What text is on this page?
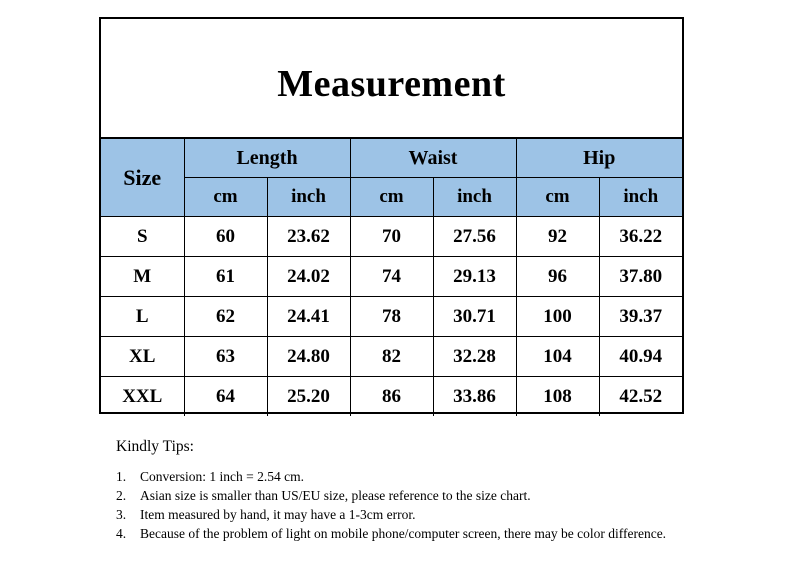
Measurement
Size	Length		Waist		Hip	
	cm	inch	cm	inch	cm	inch
S	60	23.62	70	27.56	92	36.22
M	61	24.02	74	29.13	96	37.80
L	62	24.41	78	30.71	100	39.37
XL	63	24.80	82	32.28	104	40.94
XXL	64	25.20	86	33.86	108	42.52
Kindly Tips:
1.	Conversion: 1 inch = 2.54 cm.
2.	Asian size is smaller than US/EU size, please reference to the size chart.
3.	Item measured by hand, it may have a 1-3cm error.
4.	Because of the problem of light on mobile phone/computer screen, there may be color difference.
